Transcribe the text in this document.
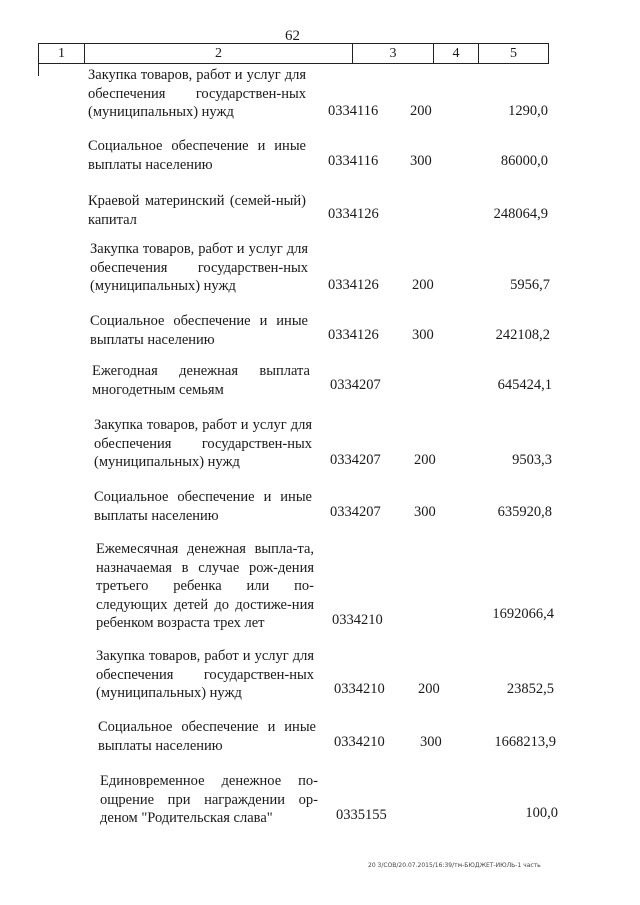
62
1	2	3	4	5
Закупка товаров, работ и услуг для обеспечения государствен-ных (муниципальных) нужд	0334116 200	1290,0
Социальное обеспечение и иные выплаты населению	0334116 300	86000,0
Краевой материнский (семей-ный) капитал	0334126	248064,9
Закупка товаров, работ и услуг для обеспечения государствен-ных (муниципальных) нужд	0334126 200	5956,7
Социальное обеспечение и иные выплаты населению	0334126 300	242108,2
Ежегодная денежная выплата многодетным семьям	0334207	645424,1
Закупка товаров, работ и услуг для обеспечения государствен-ных (муниципальных) нужд	0334207 200	9503,3
Социальное обеспечение и иные выплаты населению	0334207 300	635920,8
Ежемесячная денежная выпла-та, назначаемая в случае рож-дения третьего ребенка или по-следующих детей до достиже-ния ребенком возраста трех лет	0334210	1692066,4
Закупка товаров, работ и услуг для обеспечения государствен-ных (муниципальных) нужд	0334210 200	23852,5
Социальное обеспечение и иные выплаты населению	0334210 300	1668213,9
Единовременное денежное по-ощрение при награждении ор-деном "Родительская слава"	0335155	100,0
20 3/СОВ/20.07.2015/16:39/тм-БЮДЖЕТ-ИЮЛЬ-1 часть
